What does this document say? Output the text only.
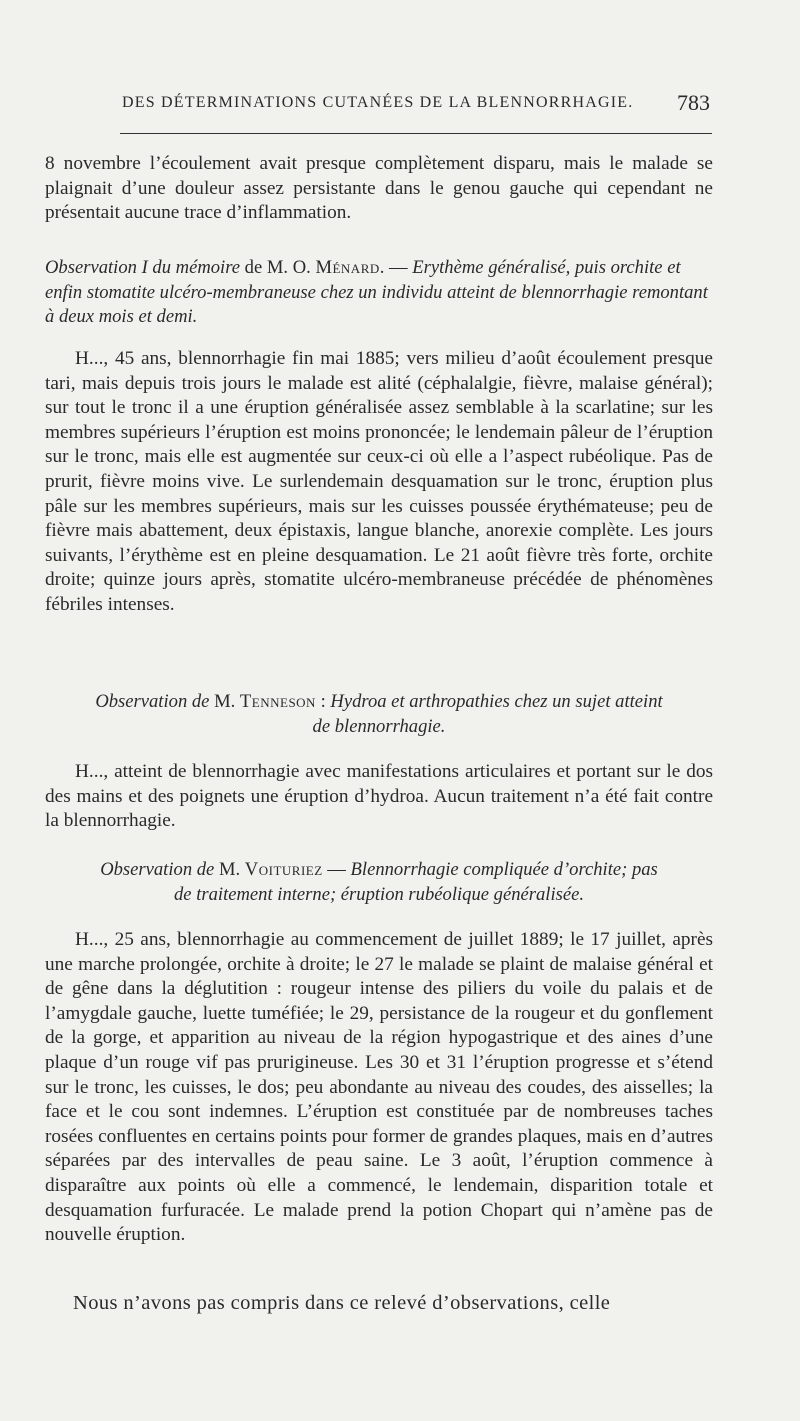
DES DÉTERMINATIONS CUTANÉES DE LA BLENNORRHAGIE. 783

8 novembre l’écoulement avait presque complètement disparu, mais le malade se plaignait d’une douleur assez persistante dans le genou gauche qui cependant ne présentait aucune trace d’inflammation.

Observation I du mémoire de M. O. Ménard. — Erythème généralisé, puis orchite et enfin stomatite ulcéro-membraneuse chez un individu atteint de blennorrhagie remontant à deux mois et demi.

H..., 45 ans, blennorrhagie fin mai 1885; vers milieu d’août écoulement presque tari, mais depuis trois jours le malade est alité (céphalalgie, fièvre, malaise général); sur tout le tronc il a une éruption généralisée assez semblable à la scarlatine; sur les membres supérieurs l’éruption est moins prononcée; le lendemain pâleur de l’éruption sur le tronc, mais elle est augmentée sur ceux-ci où elle a l’aspect rubéolique. Pas de prurit, fièvre moins vive. Le surlendemain desquamation sur le tronc, éruption plus pâle sur les membres supérieurs, mais sur les cuisses poussée érythémateuse; peu de fièvre mais abattement, deux épistaxis, langue blanche, anorexie complète. Les jours suivants, l’érythème est en pleine desquamation. Le 21 août fièvre très forte, orchite droite; quinze jours après, stomatite ulcéro-membraneuse précédée de phénomènes fébriles intenses.

Observation de M. Tenneson : Hydroa et arthropathies chez un sujet atteint
de blennorrhagie.

H..., atteint de blennorrhagie avec manifestations articulaires et portant sur le dos des mains et des poignets une éruption d’hydroa. Aucun traitement n’a été fait contre la blennorrhagie.

Observation de M. Voituriez — Blennorrhagie compliquée d’orchite; pas
de traitement interne; éruption rubéolique généralisée.

H..., 25 ans, blennorrhagie au commencement de juillet 1889; le 17 juillet, après une marche prolongée, orchite à droite; le 27 le malade se plaint de malaise général et de gêne dans la déglutition : rougeur intense des piliers du voile du palais et de l’amygdale gauche, luette tuméfiée; le 29, persistance de la rougeur et du gonflement de la gorge, et apparition au niveau de la région hypogastrique et des aines d’une plaque d’un rouge vif pas prurigineuse. Les 30 et 31 l’éruption progresse et s’étend sur le tronc, les cuisses, le dos; peu abondante au niveau des coudes, des aisselles; la face et le cou sont indemnes. L’éruption est constituée par de nombreuses taches rosées confluentes en certains points pour former de grandes plaques, mais en d’autres séparées par des intervalles de peau saine. Le 3 août, l’éruption commence à disparaître aux points où elle a commencé, le lendemain, disparition totale et desquamation furfuracée. Le malade prend la potion Chopart qui n’amène pas de nouvelle éruption.

Nous n’avons pas compris dans ce relevé d’observations, celle
